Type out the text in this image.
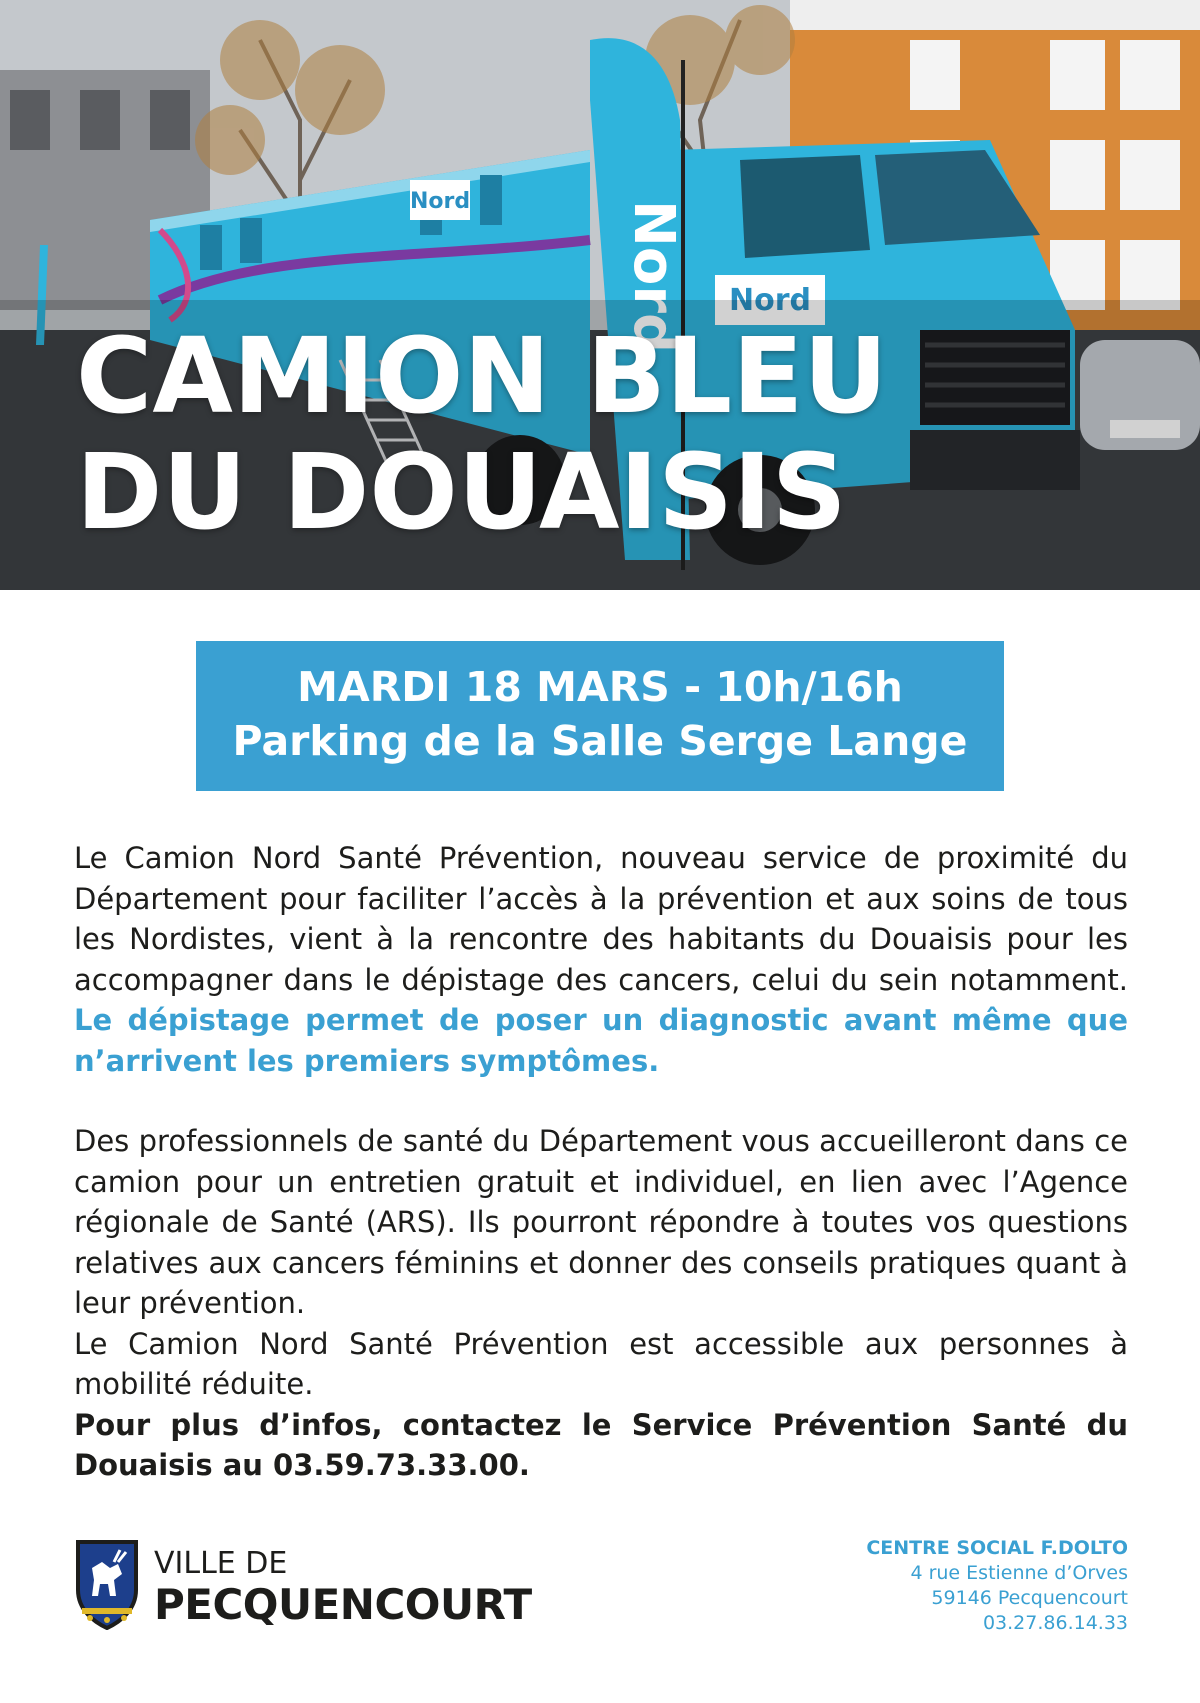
Nord
Nord
Nord
CAMION BLEU
DU DOUAISIS
MARDI 18 MARS - 10h/16h
Parking de la Salle Serge Lange

Le Camion Nord Santé Prévention, nouveau service de proximité du Département pour faciliter l’accès à la prévention et aux soins de tous les Nordistes, vient à la rencontre des habitants du Douaisis pour les accompagner dans le dépistage des cancers, celui du sein notamment. Le dépistage permet de poser un diagnostic avant même que n’arrivent les premiers symptômes.

Des professionnels de santé du Département vous accueilleront dans ce camion pour un entretien gratuit et individuel, en lien avec l’Agence régionale de Santé (ARS). Ils pourront répondre à toutes vos questions relatives aux cancers féminins et donner des conseils pratiques quant à leur prévention.

Le Camion Nord Santé Prévention est accessible aux personnes à mobilité réduite.

Pour plus d’infos, contactez le Service Prévention Santé du Douaisis au 03.59.73.33.00.

VILLE DE
PECQUENCOURT
CENTRE SOCIAL F.DOLTO
4 rue Estienne d’Orves
59146 Pecquencourt
03.27.86.14.33
